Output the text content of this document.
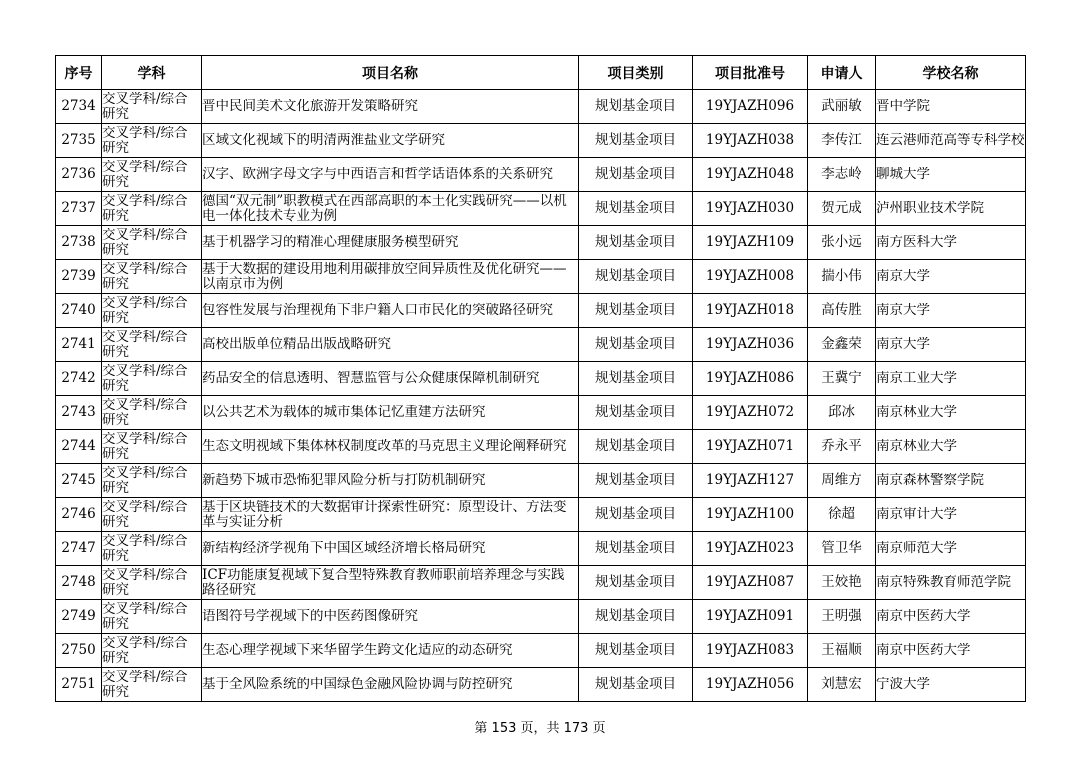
序号	学科	项目名称	项目类别	项目批准号	申请人	学校名称
2734	交叉学科/综合研究	晋中民间美术文化旅游开发策略研究	规划基金项目	19YJAZH096	武丽敏	晋中学院

2735	交叉学科/综合研究	区域文化视域下的明清两淮盐业文学研究	规划基金项目	19YJAZH038	李传江	连云港师范高等专科学校

2736	交叉学科/综合研究	汉字、欧洲字母文字与中西语言和哲学话语体系的关系研究	规划基金项目	19YJAZH048	李志岭	聊城大学

2737	交叉学科/综合研究	德国“双元制”职教模式在西部高职的本土化实践研究——以机电一体化技术专业为例	规划基金项目	19YJAZH030	贺元成	泸州职业技术学院

2738	交叉学科/综合研究	基于机器学习的精准心理健康服务模型研究	规划基金项目	19YJAZH109	张小远	南方医科大学

2739	交叉学科/综合研究	基于大数据的建设用地利用碳排放空间异质性及优化研究——以南京市为例	规划基金项目	19YJAZH008	揣小伟	南京大学

2740	交叉学科/综合研究	包容性发展与治理视角下非户籍人口市民化的突破路径研究	规划基金项目	19YJAZH018	高传胜	南京大学

2741	交叉学科/综合研究	高校出版单位精品出版战略研究	规划基金项目	19YJAZH036	金鑫荣	南京大学

2742	交叉学科/综合研究	药品安全的信息透明、智慧监管与公众健康保障机制研究	规划基金项目	19YJAZH086	王冀宁	南京工业大学

2743	交叉学科/综合研究	以公共艺术为载体的城市集体记忆重建方法研究	规划基金项目	19YJAZH072	邱冰	南京林业大学

2744	交叉学科/综合研究	生态文明视域下集体林权制度改革的马克思主义理论阐释研究	规划基金项目	19YJAZH071	乔永平	南京林业大学

2745	交叉学科/综合研究	新趋势下城市恐怖犯罪风险分析与打防机制研究	规划基金项目	19YJAZH127	周维方	南京森林警察学院

2746	交叉学科/综合研究	基于区块链技术的大数据审计探索性研究：原型设计、方法变革与实证分析	规划基金项目	19YJAZH100	徐超	南京审计大学

2747	交叉学科/综合研究	新结构经济学视角下中国区域经济增长格局研究	规划基金项目	19YJAZH023	管卫华	南京师范大学

2748	交叉学科/综合研究	ICF功能康复视域下复合型特殊教育教师职前培养理念与实践路径研究	规划基金项目	19YJAZH087	王姣艳	南京特殊教育师范学院

2749	交叉学科/综合研究	语图符号学视域下的中医药图像研究	规划基金项目	19YJAZH091	王明强	南京中医药大学

2750	交叉学科/综合研究	生态心理学视域下来华留学生跨文化适应的动态研究	规划基金项目	19YJAZH083	王福顺	南京中医药大学

2751	交叉学科/综合研究	基于全风险系统的中国绿色金融风险协调与防控研究	规划基金项目	19YJAZH056	刘慧宏	宁波大学
第 153 页，共 173 页
